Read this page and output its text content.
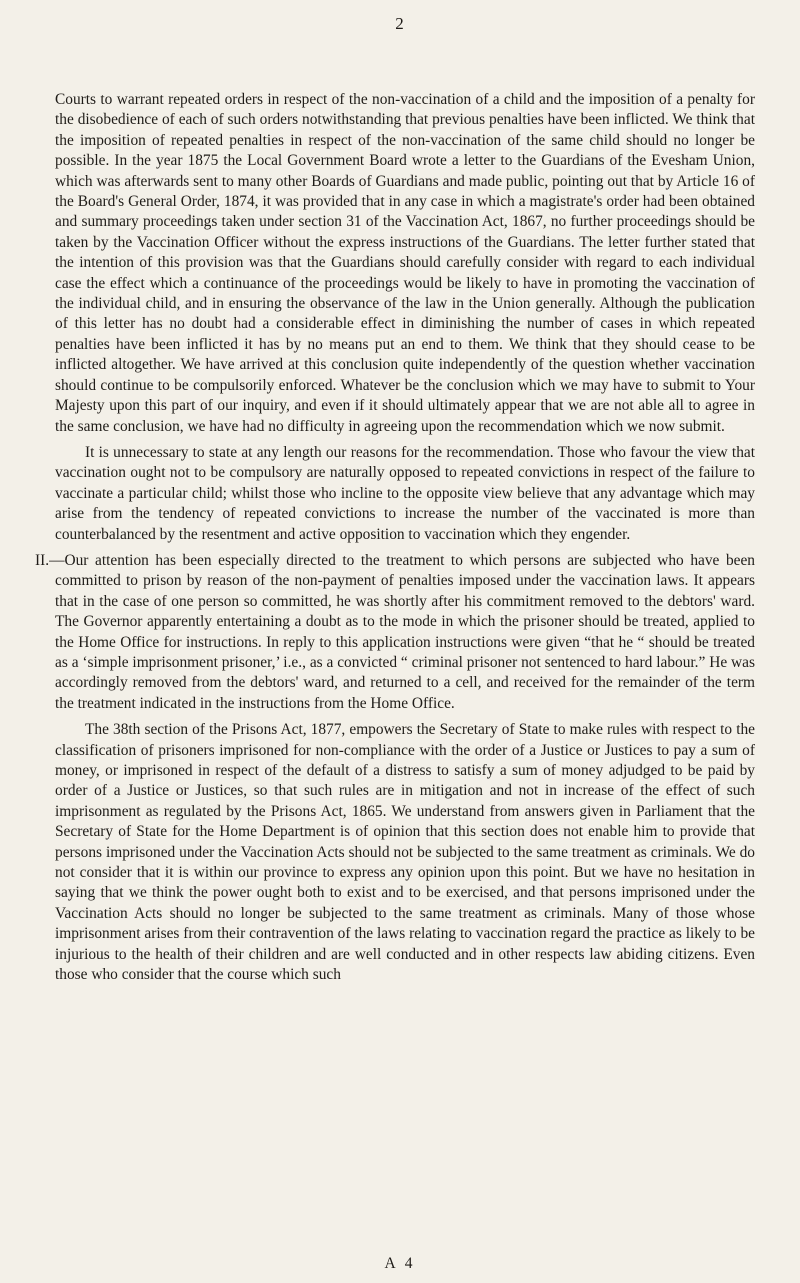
2

Courts to warrant repeated orders in respect of the non-vaccination of a child and the imposition of a penalty for the disobedience of each of such orders notwithstanding that previous penalties have been inflicted. We think that the imposition of repeated penalties in respect of the non-vaccination of the same child should no longer be possible. In the year 1875 the Local Government Board wrote a letter to the Guardians of the Evesham Union, which was afterwards sent to many other Boards of Guardians and made public, pointing out that by Article 16 of the Board's General Order, 1874, it was provided that in any case in which a magistrate's order had been obtained and summary proceedings taken under section 31 of the Vaccination Act, 1867, no further proceedings should be taken by the Vaccination Officer without the express instructions of the Guardians. The letter further stated that the intention of this provision was that the Guardians should carefully consider with regard to each individual case the effect which a continuance of the proceedings would be likely to have in promoting the vaccination of the individual child, and in ensuring the observance of the law in the Union generally. Although the publication of this letter has no doubt had a considerable effect in diminishing the number of cases in which repeated penalties have been inflicted it has by no means put an end to them. We think that they should cease to be inflicted altogether. We have arrived at this conclusion quite independently of the question whether vaccination should continue to be compulsorily enforced. Whatever be the conclusion which we may have to submit to Your Majesty upon this part of our inquiry, and even if it should ultimately appear that we are not able all to agree in the same conclusion, we have had no difficulty in agreeing upon the recommendation which we now submit.

It is unnecessary to state at any length our reasons for the recommendation. Those who favour the view that vaccination ought not to be compulsory are naturally opposed to repeated convictions in respect of the failure to vaccinate a particular child; whilst those who incline to the opposite view believe that any advantage which may arise from the tendency of repeated convictions to increase the number of the vaccinated is more than counterbalanced by the resentment and active opposition to vaccination which they engender.

II.—Our attention has been especially directed to the treatment to which persons are subjected who have been committed to prison by reason of the non-payment of penalties imposed under the vaccination laws. It appears that in the case of one person so committed, he was shortly after his commitment removed to the debtors' ward. The Governor apparently entertaining a doubt as to the mode in which the prisoner should be treated, applied to the Home Office for instructions. In reply to this application instructions were given “that he “ should be treated as a ‘simple imprisonment prisoner,’ i.e., as a convicted “ criminal prisoner not sentenced to hard labour.” He was accordingly removed from the debtors' ward, and returned to a cell, and received for the remainder of the term the treatment indicated in the instructions from the Home Office.

The 38th section of the Prisons Act, 1877, empowers the Secretary of State to make rules with respect to the classification of prisoners imprisoned for non-compliance with the order of a Justice or Justices to pay a sum of money, or imprisoned in respect of the default of a distress to satisfy a sum of money adjudged to be paid by order of a Justice or Justices, so that such rules are in mitigation and not in increase of the effect of such imprisonment as regulated by the Prisons Act, 1865. We understand from answers given in Parliament that the Secretary of State for the Home Department is of opinion that this section does not enable him to provide that persons imprisoned under the Vaccination Acts should not be subjected to the same treatment as criminals. We do not consider that it is within our province to express any opinion upon this point. But we have no hesitation in saying that we think the power ought both to exist and to be exercised, and that persons imprisoned under the Vaccination Acts should no longer be subjected to the same treatment as criminals. Many of those whose imprisonment arises from their contravention of the laws relating to vaccination regard the practice as likely to be injurious to the health of their children and are well conducted and in other respects law abiding citizens. Even those who consider that the course which such

A 4
